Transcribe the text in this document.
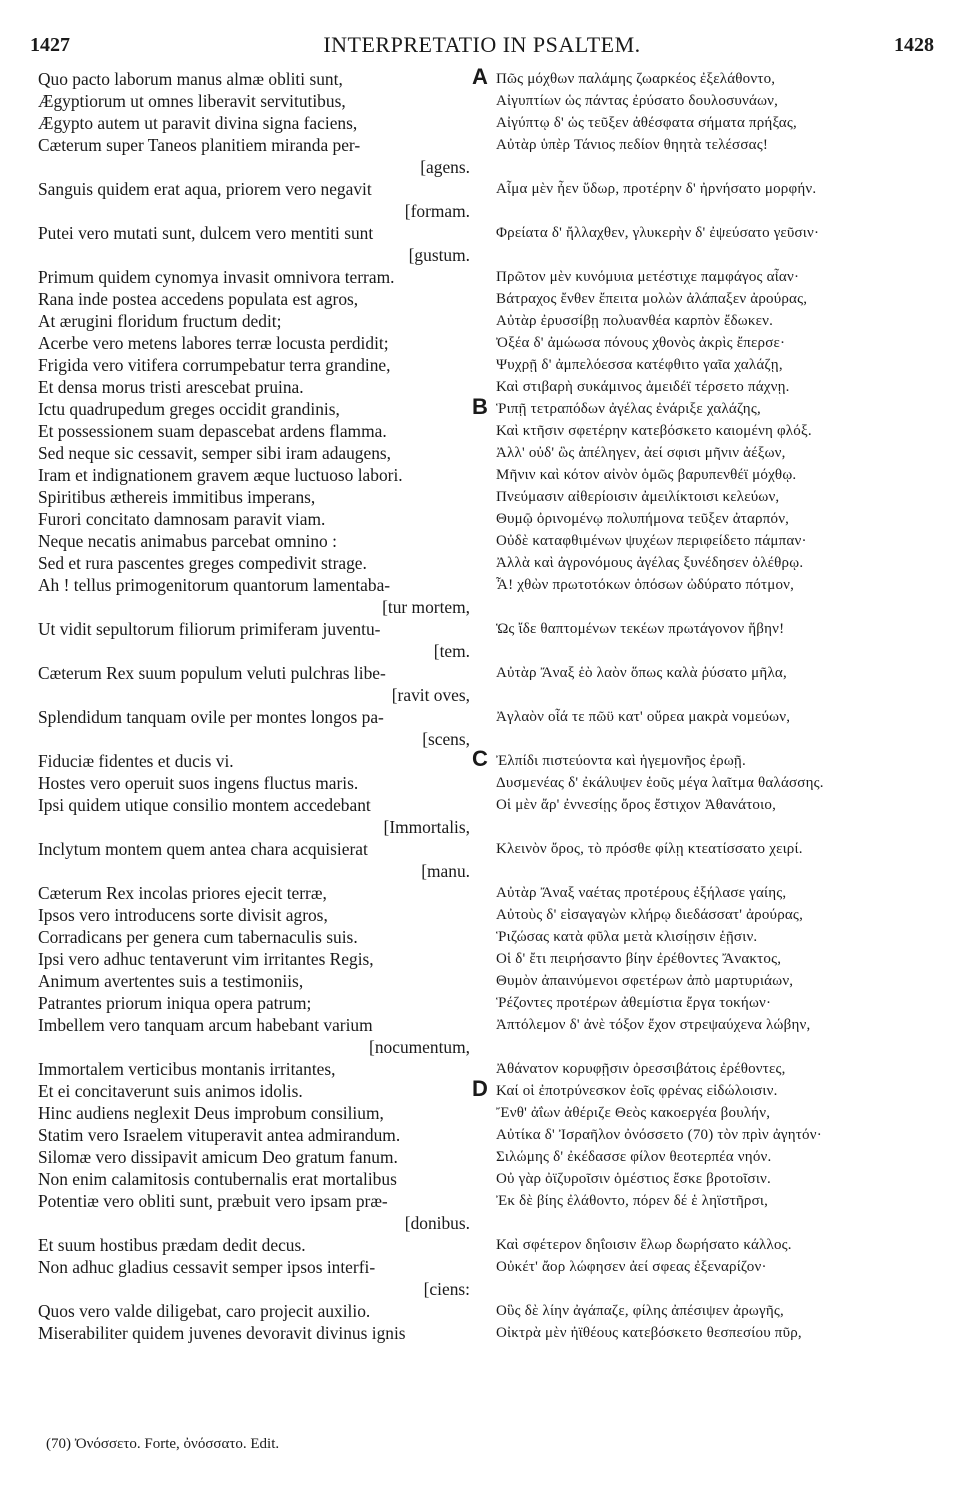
1427	INTERPRETATIO IN PSALTEM.	1428
Quo pacto laborum manus almæ obliti sunt,
Ægyptiorum ut omnes liberavit servitutibus,
Ægypto autem ut paravit divina signa faciens,
Cæterum super Taneos planitiem miranda per-
[agens.
Sanguis quidem erat aqua, priorem vero negavit
[formam.
Putei vero mutati sunt, dulcem vero mentiti sunt
[gustum.
Primum quidem cynomya invasit omnivora terram.
Rana inde postea accedens populata est agros,
At ærugini floridum fructum dedit;
Acerbe vero metens labores terræ locusta perdidit;
Frigida vero vitifera corrumpebatur terra grandine,
Et densa morus tristi arescebat pruina.
Ictu quadrupedum greges occidit grandinis,
Et possessionem suam depascebat ardens flamma.
Sed neque sic cessavit, semper sibi iram adaugens,
Iram et indignationem gravem æque luctuoso labori.
Spiritibus æthereis immitibus imperans,
Furori concitato damnosam paravit viam.
Neque necatis animabus parcebat omnino :
Sed et rura pascentes greges compedivit strage.
Ah ! tellus primogenitorum quantorum lamentaba-
[tur mortem,
Ut vidit sepultorum filiorum primiferam juventu-
[tem.
Cæterum Rex suum populum veluti pulchras libe-
[ravit oves,
Splendidum tanquam ovile per montes longos pa-
[scens,
Fiduciæ fidentes et ducis vi.
Hostes vero operuit suos ingens fluctus maris.
Ipsi quidem utique consilio montem accedebant
[Immortalis,
Inclytum montem quem antea chara acquisierat
[manu.
Cæterum Rex incolas priores ejecit terræ,
Ipsos vero introducens sorte divisit agros,
Corradicans per genera cum tabernaculis suis.
Ipsi vero adhuc tentaverunt vim irritantes Regis,
Animum avertentes suis a testimoniis,
Patrantes priorum iniqua opera patrum;
Imbellem vero tanquam arcum habebant varium
[nocumentum,
Immortalem verticibus montanis irritantes,
Et ei concitaverunt suis animos idolis.
Hinc audiens neglexit Deus improbum consilium,
Statim vero Israelem vituperavit antea admirandum.
Silomæ vero dissipavit amicum Deo gratum fanum.
Non enim calamitosis contubernalis erat mortalibus
Potentiæ vero obliti sunt, præbuit vero ipsam præ-
[donibus.
Et suum hostibus prædam dedit decus.
Non adhuc gladius cessavit semper ipsos interfi-
[ciens:
Quos vero valde diligebat, caro projecit auxilio.
Miserabiliter quidem juvenes devoravit divinus ignis
A Πῶς μόχθων παλάμης ζωαρκέος ἐξελάθοντο,
Αἰγυπτίων ὡς πάντας ἐρύσατο δουλοσυνάων,
Αἰγύπτῳ δ' ὡς τεῦξεν ἀθέσφατα σήματα πρήξας,
Αὐτὰρ ὑπὲρ Τάνιος πεδίον θηητὰ τελέσσας!
Αἷμα μὲν ἦεν ὕδωρ, προτέρην δ' ἠρνήσατο μορφήν.
Φρείατα δ' ἤλλαχθεν, γλυκερὴν δ' ἐψεύσατο γεῦσιν·
Πρῶτον μὲν κυνόμυια μετέστιχε παμφάγος αἶαν·
Βάτραχος ἔνθεν ἔπειτα μολὼν ἀλάπαξεν ἀρούρας,
Αὐτὰρ ἐρυσσίβῃ πολυανθέα καρπὸν ἔδωκεν.
Ὀξέα δ' ἀμώωσα πόνους χθονὸς ἀκρὶς ἔπερσε·
Ψυχρῇ δ' ἀμπελόεσσα κατέφθιτο γαῖα χαλάζῃ,
Καὶ στιβαρὴ συκάμινος ἀμειδέϊ τέρσετο πάχνῃ.
B Ῥιπῇ τετραπόδων ἀγέλας ἐνάριξε χαλάζης,
Καὶ κτῆσιν σφετέρην κατεβόσκετο καιομένη φλόξ.
Ἀλλ' οὐδ' ὣς ἀπέληγεν, ἀεί σφισι μῆνιν ἀέξων,
Μῆνιν καὶ κότον αἰνὸν ὁμῶς βαρυπενθέϊ μόχθῳ.
Πνεύμασιν αἰθερίοισιν ἀμειλίκτοισι κελεύων,
Θυμῷ ὀρινομένῳ πολυπήμονα τεῦξεν ἀταρπόν,
Οὐδὲ καταφθιμένων ψυχέων περιφείδετο πάμπαν·
Ἀλλὰ καὶ ἀγρονόμους ἀγέλας ξυνέδησεν ὀλέθρῳ.
Ἆ! χθὼν πρωτοτόκων ὁπόσων ὠδύρατο πότμον,
Ὡς ἴδε θαπτομένων τεκέων πρωτάγονον ἥβην!
Αὐτὰρ Ἄναξ ἑὸ λαὸν ὅπως καλὰ ῥύσατο μῆλα,
Ἀγλαὸν οἷά τε πῶϋ κατ' οὔρεα μακρὰ νομεύων,
C Ἐλπίδι πιστεύοντα καὶ ἡγεμονῆος ἐρωῇ.
Δυσμενέας δ' ἐκάλυψεν ἑοῦς μέγα λαῖτμα θαλάσσης.
Οἱ μὲν ἄρ' ἐννεσίῃς ὄρος ἔστιχον Ἀθανάτοιο,
Κλεινὸν ὄρος, τὸ πρόσθε φίλῃ κτεατίσσατο χειρί.
Αὐτὰρ Ἄναξ ναέτας προτέρους ἐξήλασε γαίης,
Αὐτοὺς δ' εἰσαγαγὼν κλήρῳ διεδάσσατ' ἀρούρας,
Ῥιζώσας κατὰ φῦλα μετὰ κλισίῃσιν ἑῇσιν.
Οἱ δ' ἔτι πειρήσαντο βίην ἐρέθοντες Ἄνακτος,
Θυμὸν ἀπαινύμενοι σφετέρων ἀπὸ μαρτυριάων,
Ῥέζοντες προτέρων ἀθεμίστια ἔργα τοκήων·
Ἀπτόλεμον δ' ἀνὲ τόξον ἔχον στρεψαύχενα λώβην,
Ἀθάνατον κορυφῇσιν ὀρεσσιβάτοις ἐρέθοντες,
D Καί οἱ ἐποτρύνεσκον ἑοῖς φρένας εἰδώλοισιν.
Ἔνθ' ἀΐων ἀθέριζε Θεὸς κακοεργέα βουλήν,
Αὐτίκα δ' Ἰσραῆλον ὀνόσσετο (70) τὸν πρὶν ἀγητόν·
Σιλώμης δ' ἐκέδασσε φίλον θεοτερπέα νηόν.
Οὐ γὰρ ὀϊζυροῖσιν ὁμέστιος ἔσκε βροτοῖσιν.
Ἐκ δὲ βίης ἐλάθοντο, πόρεν δέ ἑ ληϊστῆρσι,
Καὶ σφέτερον δηΐοισιν ἕλωρ δωρήσατο κάλλος.
Οὐκέτ' ἄορ λώφησεν ἀεί σφεας ἐξεναρίζον·
Οὓς δὲ λίην ἀγάπαζε, φίλης ἀπέσιψεν ἀρωγῆς,
Οἰκτρὰ μὲν ἠϊθέους κατεβόσκετο θεσπεσίου πῦρ,
(70) Ὀνόσσετο. Forte, ὀνόσσατο. Edit.
